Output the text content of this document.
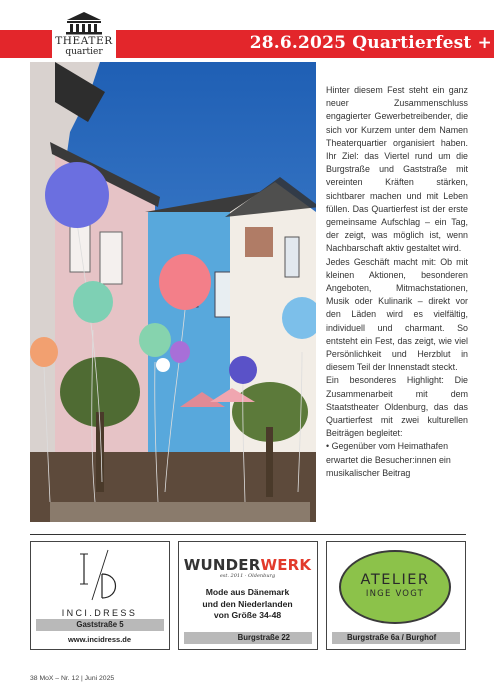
28.6.2025 Quartierfest +
THEATER
quartier

Hinter diesem Fest steht ein ganz neuer Zusammenschluss engagierter Gewerbetreibender, die sich vor Kurzem unter dem Namen Theaterquartier organisiert haben. Ihr Ziel: das Viertel rund um die Burgstraße und Gaststraße mit vereinten Kräften stärken, sichtbarer machen und mit Leben füllen. Das Quartierfest ist der erste gemeinsame Aufschlag – ein Tag, der zeigt, was möglich ist, wenn Nachbarschaft aktiv gestaltet wird.

Jedes Geschäft macht mit: Ob mit kleinen Aktionen, besonderen Angeboten, Mitmachstationen, Musik oder Kulinarik – direkt vor den Läden wird es vielfältig, individuell und charmant. So entsteht ein Fest, das zeigt, wie viel Persönlichkeit und Herzblut in diesem Teil der Innenstadt steckt.

Ein besonderes Highlight: Die Zusammenarbeit mit dem Staatstheater Oldenburg, das das Quartierfest mit zwei kulturellen Beiträgen begleitet:

• Gegenüber vom Heimathafen erwartet die Besucher:innen ein musikalischer Beitrag

INCI.DRESS
Gaststraße 5
www.incidress.de
WUNDERWERK
est. 2011 · Oldenburg
Mode aus Dänemark
und den Niederlanden
von Größe 34-48
Burgstraße 22
ATELIER
INGE VOGT
Burgstraße 6a / Burghof
38 MoX – Nr. 12 | Juni 2025
